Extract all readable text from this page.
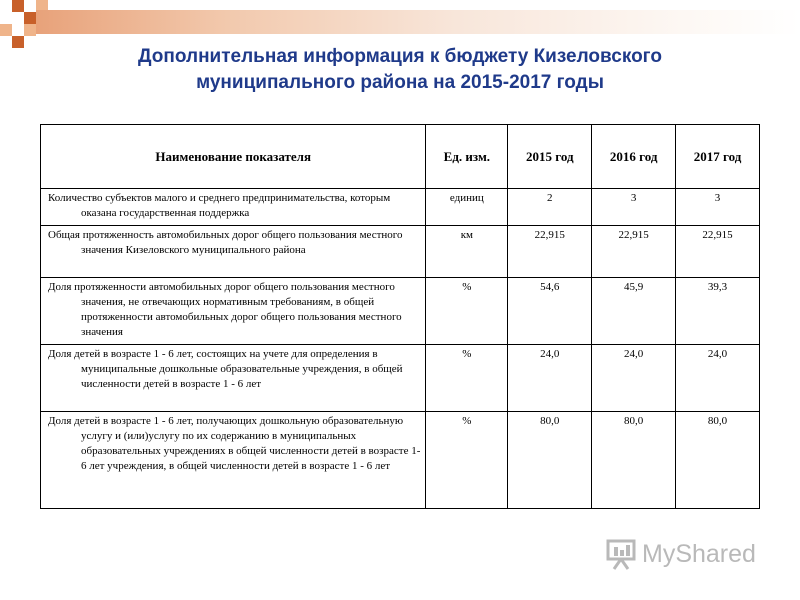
Дополнительная информация к бюджету Кизеловского
муниципального района на 2015-2017 годы
Наименование показателя	Ед. изм.	2015 год	2016 год	2017 год
Количество субъектов малого и среднего предпринимательства, которым оказана государственная поддержка	единиц	2	3	3
Общая протяженность автомобильных дорог общего пользования местного значения Кизеловского муниципального района	км	22,915	22,915	22,915
Доля протяженности автомобильных дорог общего пользования местного значения, не отвечающих нормативным требованиям, в общей протяженности автомобильных дорог общего пользования местного значения	%	54,6	45,9	39,3
Доля детей в возрасте 1 - 6 лет, состоящих на учете для определения в муниципальные дошкольные образовательные учреждения, в общей численности детей в возрасте 1 - 6 лет	%	24,0	24,0	24,0
Доля детей в возрасте 1 - 6 лет, получающих дошкольную образовательную услугу и (или)услугу по их содержанию в муниципальных образовательных учреждениях в общей численности детей в возрасте 1- 6 лет учреждения, в общей численности детей в возрасте 1 - 6 лет	%	80,0	80,0	80,0
MyShared
